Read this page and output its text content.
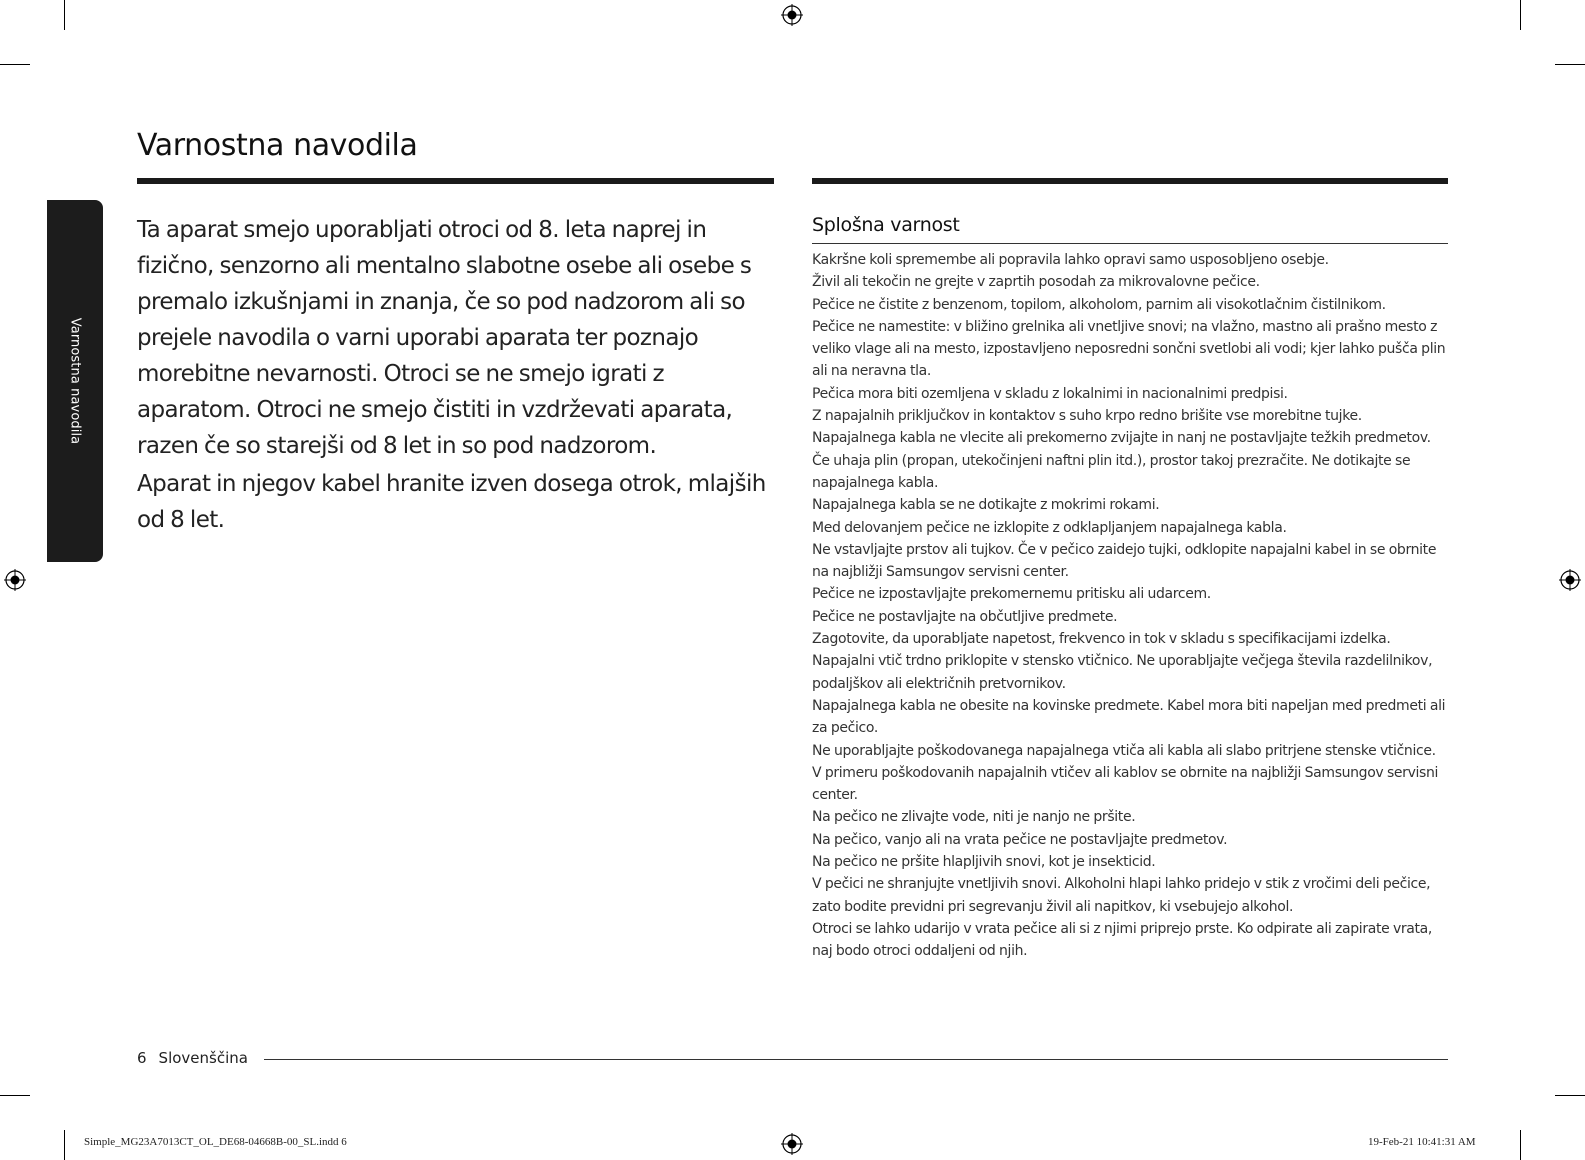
Varnostna navodila
Varnostna navodila

Ta aparat smejo uporabljati otroci od 8. leta naprej in fizično, senzorno ali mentalno slabotne osebe ali osebe s premalo izkušnjami in znanja, če so pod nadzorom ali so prejele navodila o varni uporabi aparata ter poznajo morebitne nevarnosti. Otroci se ne smejo igrati z aparatom. Otroci ne smejo čistiti in vzdrževati aparata, razen če so starejši od 8 let in so pod nadzorom.

Aparat in njegov kabel hranite izven dosega otrok, mlajših od 8 let.

Splošna varnost
Kakršne koli spremembe ali popravila lahko opravi samo usposobljeno osebje.
Živil ali tekočin ne grejte v zaprtih posodah za mikrovalovne pečice.
Pečice ne čistite z benzenom, topilom, alkoholom, parnim ali visokotlačnim čistilnikom.
Pečice ne namestite: v bližino grelnika ali vnetljive snovi; na vlažno, mastno ali prašno mesto z veliko vlage ali na mesto, izpostavljeno neposredni sončni svetlobi ali vodi; kjer lahko pušča plin ali na neravna tla.
Pečica mora biti ozemljena v skladu z lokalnimi in nacionalnimi predpisi.
Z napajalnih priključkov in kontaktov s suho krpo redno brišite vse morebitne tujke.
Napajalnega kabla ne vlecite ali prekomerno zvijajte in nanj ne postavljajte težkih predmetov.
Če uhaja plin (propan, utekočinjeni naftni plin itd.), prostor takoj prezračite. Ne dotikajte se napajalnega kabla.
Napajalnega kabla se ne dotikajte z mokrimi rokami.
Med delovanjem pečice ne izklopite z odklapljanjem napajalnega kabla.
Ne vstavljajte prstov ali tujkov. Če v pečico zaidejo tujki, odklopite napajalni kabel in se obrnite na najbližji Samsungov servisni center.
Pečice ne izpostavljajte prekomernemu pritisku ali udarcem.
Pečice ne postavljajte na občutljive predmete.
Zagotovite, da uporabljate napetost, frekvenco in tok v skladu s specifikacijami izdelka.
Napajalni vtič trdno priklopite v stensko vtičnico. Ne uporabljajte večjega števila razdelilnikov, podaljškov ali električnih pretvornikov.
Napajalnega kabla ne obesite na kovinske predmete. Kabel mora biti napeljan med predmeti ali za pečico.
Ne uporabljajte poškodovanega napajalnega vtiča ali kabla ali slabo pritrjene stenske vtičnice. V primeru poškodovanih napajalnih vtičev ali kablov se obrnite na najbližji Samsungov servisni center.
Na pečico ne zlivajte vode, niti je nanjo ne pršite.
Na pečico, vanjo ali na vrata pečice ne postavljajte predmetov.
Na pečico ne pršite hlapljivih snovi, kot je insekticid.
V pečici ne shranjujte vnetljivih snovi. Alkoholni hlapi lahko pridejo v stik z vročimi deli pečice, zato bodite previdni pri segrevanju živil ali napitkov, ki vsebujejo alkohol.
Otroci se lahko udarijo v vrata pečice ali si z njimi priprejo prste. Ko odpirate ali zapirate vrata, naj bodo otroci oddaljeni od njih.
6 Slovenščina
Simple_MG23A7013CT_OL_DE68-04668B-00_SL.indd 6	19-Feb-21 10:41:31 AM
